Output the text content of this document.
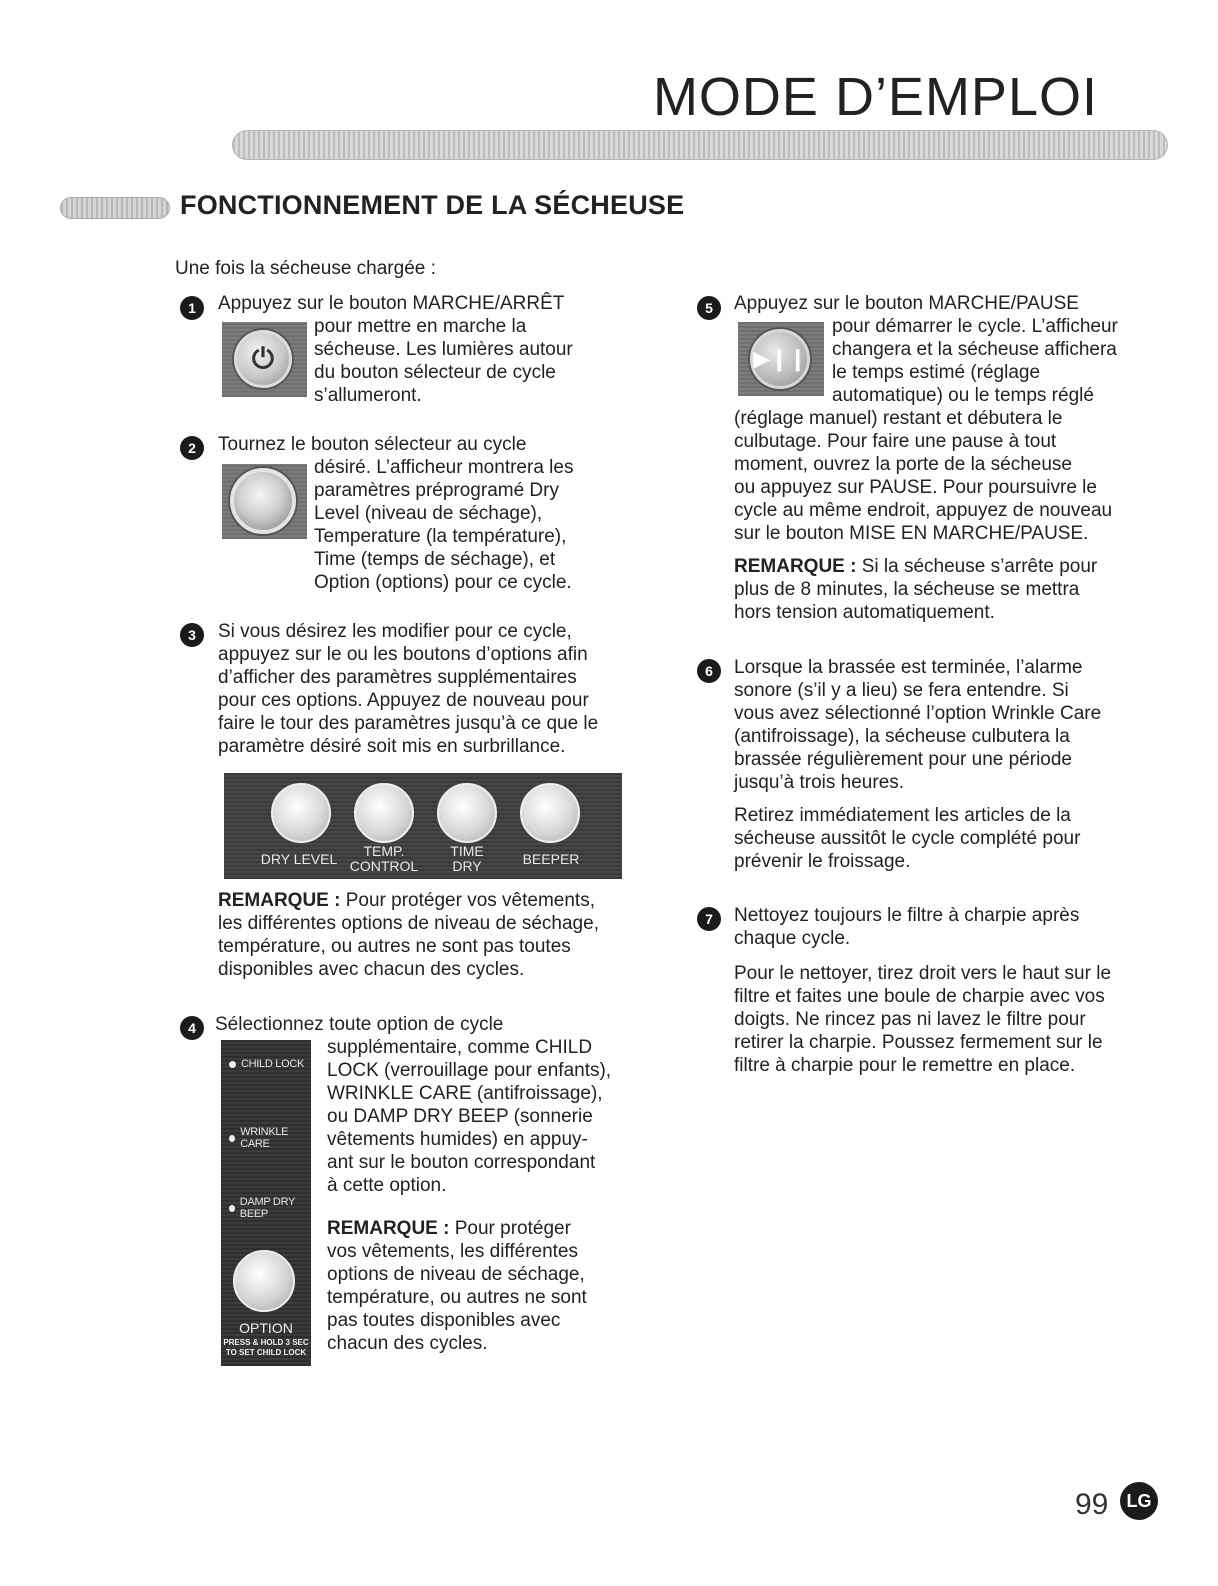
MODE D’EMPLOI
FONCTIONNEMENT DE LA SÉCHEUSE
Une fois la sécheuse chargée :
1	Appuyez sur le bouton MARCHE/ARRÊT
⏻
pour mettre en marche la
sécheuse. Les lumières autour
du bouton sélecteur de cycle
s’allumeront.
2	Tournez le bouton sélecteur au cycle
désiré. L’afficheur montrera les
paramètres préprogramé Dry
Level (niveau de séchage),
Temperature (la température),
Time (temps de séchage), et
Option (options) pour ce cycle.
3	Si vous désirez les modifier pour ce cycle,
appuyez sur le ou les boutons d’options afin
d’afficher des paramètres supplémentaires
pour ces options. Appuyez de nouveau pour
faire le tour des paramètres jusqu’à ce que le
paramètre désiré soit mis en surbrillance.
DRY LEVEL	TEMP.
CONTROL
TIME
DRY	BEEPER
REMARQUE : Pour protéger vos vêtements,
les différentes options de niveau de séchage,
température, ou autres ne sont pas toutes
disponibles avec chacun des cycles.
4	Sélectionnez toute option de cycle
CHILD LOCK
WRINKLE CARE
DAMP DRY BEEP
OPTION
PRESS & HOLD 3 SEC
TO SET CHILD LOCK
supplémentaire, comme CHILD
LOCK (verrouillage pour enfants),
WRINKLE CARE (antifroissage),
ou DAMP DRY BEEP (sonnerie
vêtements humides) en appuy-
ant sur le bouton correspondant
à cette option.
REMARQUE : Pour protéger
vos vêtements, les différentes
options de niveau de séchage,
température, ou autres ne sont
pas toutes disponibles avec
chacun des cycles.
5	Appuyez sur le bouton MARCHE/PAUSE
▶❙❙
pour démarrer le cycle. L’afficheur
changera et la sécheuse affichera
le temps estimé (réglage
automatique) ou le temps réglé
(réglage manuel) restant et débutera le
culbutage. Pour faire une pause à tout
moment, ouvrez la porte de la sécheuse
ou appuyez sur PAUSE. Pour poursuivre le
cycle au même endroit, appuyez de nouveau
sur le bouton MISE EN MARCHE/PAUSE.
REMARQUE : Si la sécheuse s’arrête pour
plus de 8 minutes, la sécheuse se mettra
hors tension automatiquement.
6	Lorsque la brassée est terminée, l’alarme
sonore (s’il y a lieu) se fera entendre. Si
vous avez sélectionné l’option Wrinkle Care
(antifroissage), la sécheuse culbutera la
brassée régulièrement pour une période
jusqu’à trois heures.
Retirez immédiatement les articles de la
sécheuse aussitôt le cycle complété pour
prévenir le froissage.
7	Nettoyez toujours le filtre à charpie après
chaque cycle.
Pour le nettoyer, tirez droit vers le haut sur le
filtre et faites une boule de charpie avec vos
doigts. Ne rincez pas ni lavez le filtre pour
retirer la charpie. Poussez fermement sur le
filtre à charpie pour le remettre en place.
99	LG
